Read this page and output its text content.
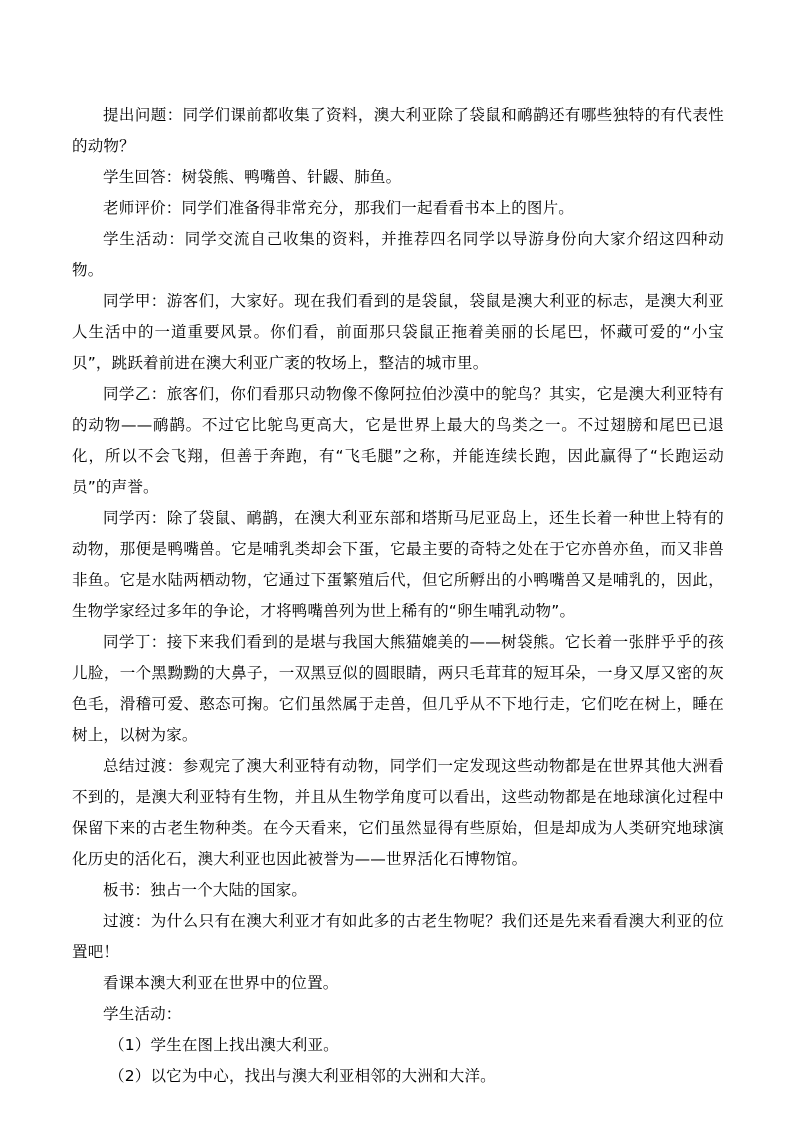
提出问题：同学们课前都收集了资料，澳大利亚除了袋鼠和鸸鹋还有哪些独特的有代表性的动物？

学生回答：树袋熊、鸭嘴兽、针鼹、肺鱼。

老师评价：同学们准备得非常充分，那我们一起看看书本上的图片。

学生活动：同学交流自己收集的资料，并推荐四名同学以导游身份向大家介绍这四种动物。

同学甲：游客们，大家好。现在我们看到的是袋鼠，袋鼠是澳大利亚的标志，是澳大利亚人生活中的一道重要风景。你们看，前面那只袋鼠正拖着美丽的长尾巴，怀藏可爱的“小宝贝”，跳跃着前进在澳大利亚广袤的牧场上，整洁的城市里。

同学乙：旅客们，你们看那只动物像不像阿拉伯沙漠中的鸵鸟？其实，它是澳大利亚特有的动物——鸸鹋。不过它比鸵鸟更高大，它是世界上最大的鸟类之一。不过翅膀和尾巴已退化，所以不会飞翔，但善于奔跑，有“飞毛腿”之称，并能连续长跑，因此赢得了“长跑运动员”的声誉。

同学丙：除了袋鼠、鸸鹋，在澳大利亚东部和塔斯马尼亚岛上，还生长着一种世上特有的动物，那便是鸭嘴兽。它是哺乳类却会下蛋，它最主要的奇特之处在于它亦兽亦鱼，而又非兽非鱼。它是水陆两栖动物，它通过下蛋繁殖后代，但它所孵出的小鸭嘴兽又是哺乳的，因此，生物学家经过多年的争论，才将鸭嘴兽列为世上稀有的“卵生哺乳动物”。

同学丁：接下来我们看到的是堪与我国大熊猫媲美的——树袋熊。它长着一张胖乎乎的孩儿脸，一个黑黝黝的大鼻子，一双黑豆似的圆眼睛，两只毛茸茸的短耳朵，一身又厚又密的灰色毛，滑稽可爱、憨态可掬。它们虽然属于走兽，但几乎从不下地行走，它们吃在树上，睡在树上，以树为家。

总结过渡：参观完了澳大利亚特有动物，同学们一定发现这些动物都是在世界其他大洲看不到的，是澳大利亚特有生物，并且从生物学角度可以看出，这些动物都是在地球演化过程中保留下来的古老生物种类。在今天看来，它们虽然显得有些原始，但是却成为人类研究地球演化历史的活化石，澳大利亚也因此被誉为——世界活化石博物馆。

板书：独占一个大陆的国家。

过渡：为什么只有在澳大利亚才有如此多的古老生物呢？我们还是先来看看澳大利亚的位置吧！

看课本澳大利亚在世界中的位置。

学生活动：

（1）学生在图上找出澳大利亚。

（2）以它为中心，找出与澳大利亚相邻的大洲和大洋。
